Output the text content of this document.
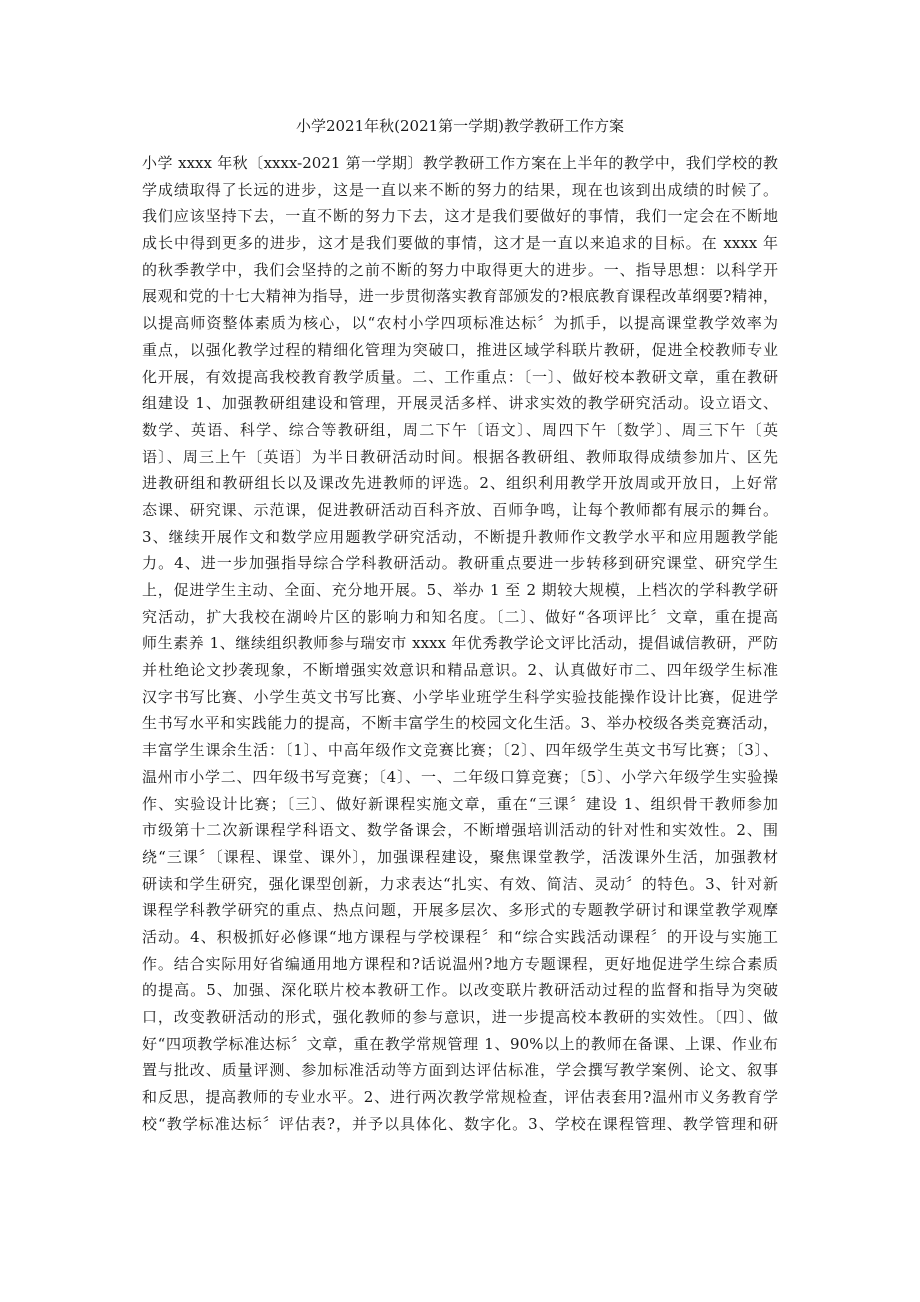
小学2021年秋(2021第一学期)教学教研工作方案
小学 xxxx 年秋〔xxxx-2021 第一学期〕教学教研工作方案在上半年的教学中，我们学校的教
学成绩取得了长远的进步，这是一直以来不断的努力的结果，现在也该到出成绩的时候了。
我们应该坚持下去，一直不断的努力下去，这才是我们要做好的事情，我们一定会在不断地
成长中得到更多的进步，这才是我们要做的事情，这才是一直以来追求的目标。在 xxxx 年
的秋季教学中，我们会坚持的之前不断的努力中取得更大的进步。一、指导思想：以科学开
展观和党的十七大精神为指导，进一步贯彻落实教育部颁发的?根底教育课程改革纲要?精神，
以提高师资整体素质为核心，以“农村小学四项标准达标〞为抓手，以提高课堂教学效率为
重点，以强化教学过程的精细化管理为突破口，推进区域学科联片教研，促进全校教师专业
化开展，有效提高我校教育教学质量。二、工作重点：〔一〕、做好校本教研文章，重在教研
组建设 1、加强教研组建设和管理，开展灵活多样、讲求实效的教学研究活动。设立语文、
数学、英语、科学、综合等教研组，周二下午〔语文〕、周四下午〔数学〕、周三下午〔英
语〕、周三上午〔英语〕为半日教研活动时间。根据各教研组、教师取得成绩参加片、区先
进教研组和教研组长以及课改先进教师的评选。2、组织利用教学开放周或开放日，上好常
态课、研究课、示范课，促进教研活动百科齐放、百师争鸣，让每个教师都有展示的舞台。
3、继续开展作文和数学应用题教学研究活动，不断提升教师作文教学水平和应用题教学能
力。4、进一步加强指导综合学科教研活动。教研重点要进一步转移到研究课堂、研究学生
上，促进学生主动、全面、充分地开展。5、举办 1 至 2 期较大规模，上档次的学科教学研
究活动，扩大我校在湖岭片区的影响力和知名度。〔二〕、做好“各项评比〞文章，重在提高
师生素养 1、继续组织教师参与瑞安市 xxxx 年优秀教学论文评比活动，提倡诚信教研，严防
并杜绝论文抄袭现象，不断增强实效意识和精品意识。2、认真做好市二、四年级学生标准
汉字书写比赛、小学生英文书写比赛、小学毕业班学生科学实验技能操作设计比赛，促进学
生书写水平和实践能力的提高，不断丰富学生的校园文化生活。3、举办校级各类竞赛活动，
丰富学生课余生活：〔1〕、中高年级作文竞赛比赛；〔2〕、四年级学生英文书写比赛；〔3〕、
温州市小学二、四年级书写竞赛；〔4〕、一、二年级口算竞赛；〔5〕、小学六年级学生实验操
作、实验设计比赛；〔三〕、做好新课程实施文章，重在“三课〞建设 1、组织骨干教师参加
市级第十二次新课程学科语文、数学备课会，不断增强培训活动的针对性和实效性。2、围
绕“三课〞〔课程、课堂、课外〕，加强课程建设，聚焦课堂教学，活泼课外生活，加强教材
研读和学生研究，强化课型创新，力求表达“扎实、有效、简洁、灵动〞的特色。3、针对新
课程学科教学研究的重点、热点问题，开展多层次、多形式的专题教学研讨和课堂教学观摩
活动。4、积极抓好必修课“地方课程与学校课程〞和“综合实践活动课程〞的开设与实施工
作。结合实际用好省编通用地方课程和?话说温州?地方专题课程，更好地促进学生综合素质
的提高。5、加强、深化联片校本教研工作。以改变联片教研活动过程的监督和指导为突破
口，改变教研活动的形式，强化教师的参与意识，进一步提高校本教研的实效性。〔四〕、做
好“四项教学标准达标〞文章，重在教学常规管理 1、90%以上的教师在备课、上课、作业布
置与批改、质量评测、参加标准活动等方面到达评估标准，学会撰写教学案例、论文、叙事
和反思，提高教师的专业水平。2、进行两次教学常规检查，评估表套用?温州市义务教育学
校“教学标准达标〞评估表?，并予以具体化、数字化。3、学校在课程管理、教学管理和研
